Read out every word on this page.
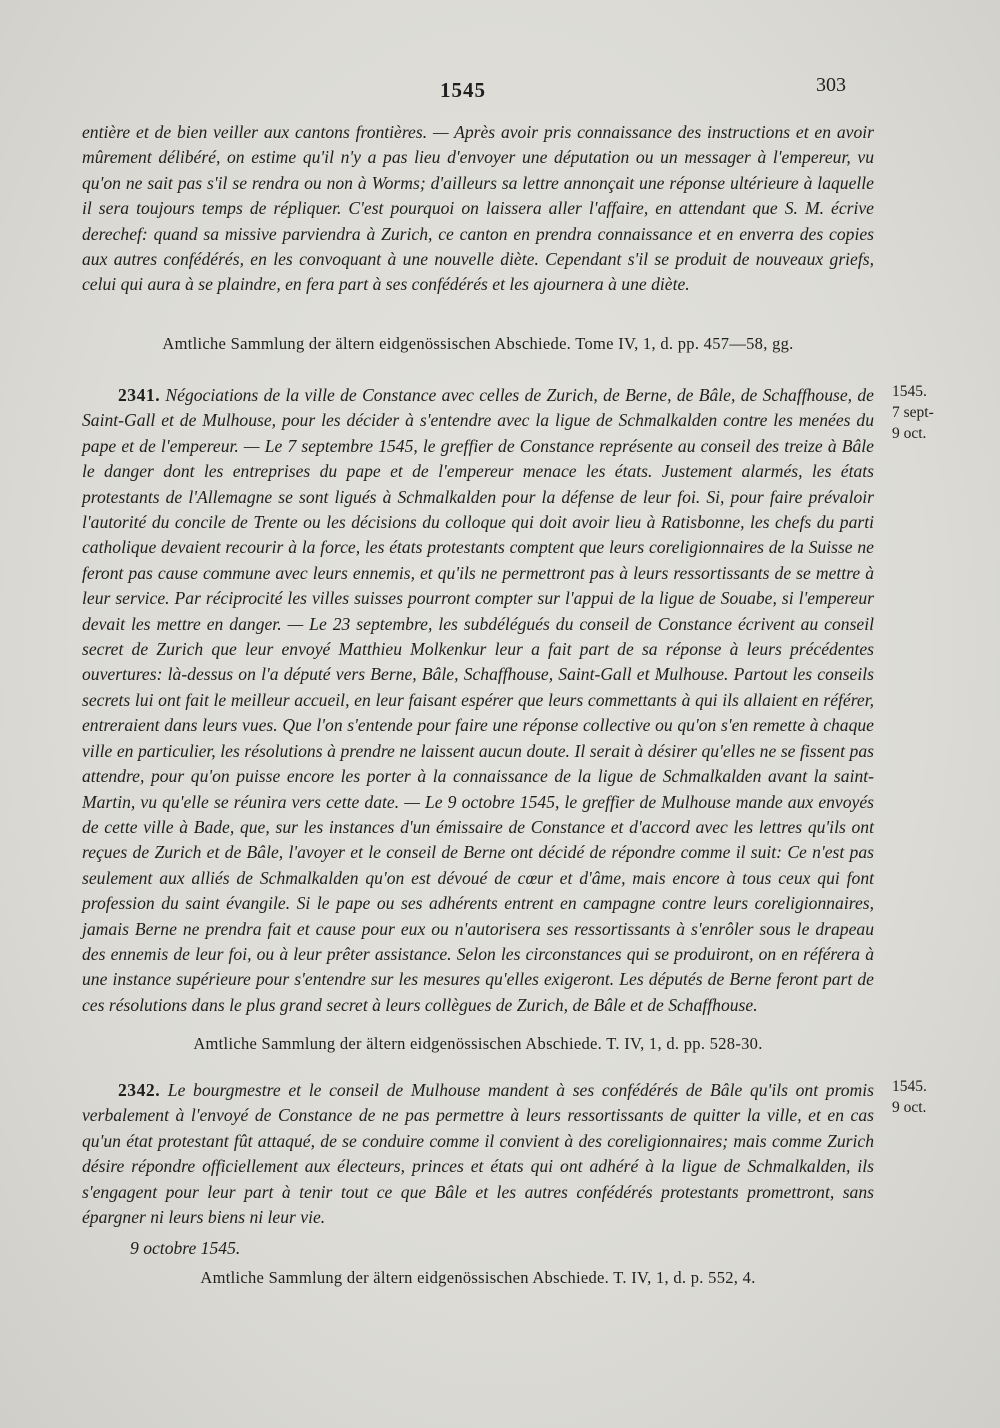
1545	303
entière et de bien veiller aux cantons frontières. — Après avoir pris connaissance des instructions et en avoir mûrement délibéré, on estime qu'il n'y a pas lieu d'envoyer une députation ou un messager à l'empereur, vu qu'on ne sait pas s'il se rendra ou non à Worms; d'ailleurs sa lettre annonçait une réponse ultérieure à laquelle il sera toujours temps de répliquer. C'est pourquoi on laissera aller l'affaire, en attendant que S. M. écrive derechef: quand sa missive parviendra à Zurich, ce canton en prendra connaissance et en enverra des copies aux autres confédérés, en les convoquant à une nouvelle diète. Cependant s'il se produit de nouveaux griefs, celui qui aura à se plaindre, en fera part à ses confédérés et les ajournera à une diète.
Amtliche Sammlung der ältern eidgenössischen Abschiede. Tome IV, 1, d. pp. 457—58, gg.
2341. Négociations de la ville de Constance avec celles de Zurich, de Berne, de Bâle, de Schaffhouse, de Saint-Gall et de Mulhouse, pour les décider à s'entendre avec la ligue de Schmalkalden contre les menées du pape et de l'empereur. — Le 7 septembre 1545, le greffier de Constance représente au conseil des treize à Bâle le danger dont les entreprises du pape et de l'empereur menace les états. Justement alarmés, les états protestants de l'Allemagne se sont ligués à Schmalkalden pour la défense de leur foi. Si, pour faire prévaloir l'autorité du concile de Trente ou les décisions du colloque qui doit avoir lieu à Ratisbonne, les chefs du parti catholique devaient recourir à la force, les états protestants comptent que leurs coreligionnaires de la Suisse ne feront pas cause commune avec leurs ennemis, et qu'ils ne permettront pas à leurs ressortissants de se mettre à leur service. Par réciprocité les villes suisses pourront compter sur l'appui de la ligue de Souabe, si l'empereur devait les mettre en danger. — Le 23 septembre, les subdélégués du conseil de Constance écrivent au conseil secret de Zurich que leur envoyé Matthieu Molkenkur leur a fait part de sa réponse à leurs précédentes ouvertures: là-dessus on l'a député vers Berne, Bâle, Schaffhouse, Saint-Gall et Mulhouse. Partout les conseils secrets lui ont fait le meilleur accueil, en leur faisant espérer que leurs commettants à qui ils allaient en référer, entreraient dans leurs vues. Que l'on s'entende pour faire une réponse collective ou qu'on s'en remette à chaque ville en particulier, les résolutions à prendre ne laissent aucun doute. Il serait à désirer qu'elles ne se fissent pas attendre, pour qu'on puisse encore les porter à la connaissance de la ligue de Schmalkalden avant la saint-Martin, vu qu'elle se réunira vers cette date. — Le 9 octobre 1545, le greffier de Mulhouse mande aux envoyés de cette ville à Bade, que, sur les instances d'un émissaire de Constance et d'accord avec les lettres qu'ils ont reçues de Zurich et de Bâle, l'avoyer et le conseil de Berne ont décidé de répondre comme il suit: Ce n'est pas seulement aux alliés de Schmalkalden qu'on est dévoué de cœur et d'âme, mais encore à tous ceux qui font profession du saint évangile. Si le pape ou ses adhérents entrent en campagne contre leurs coreligionnaires, jamais Berne ne prendra fait et cause pour eux ou n'autorisera ses ressortissants à s'enrôler sous le drapeau des ennemis de leur foi, ou à leur prêter assistance. Selon les circonstances qui se produiront, on en référera à une instance supérieure pour s'entendre sur les mesures qu'elles exigeront. Les députés de Berne feront part de ces résolutions dans le plus grand secret à leurs collègues de Zurich, de Bâle et de Schaffhouse.
1545.
7 sept-
9 oct.
Amtliche Sammlung der ältern eidgenössischen Abschiede. T. IV, 1, d. pp. 528-30.
2342. Le bourgmestre et le conseil de Mulhouse mandent à ses confédérés de Bâle qu'ils ont promis verbalement à l'envoyé de Constance de ne pas permettre à leurs ressortissants de quitter la ville, et en cas qu'un état protestant fût attaqué, de se conduire comme il convient à des coreligionnaires; mais comme Zurich désire répondre officiellement aux électeurs, princes et états qui ont adhéré à la ligue de Schmalkalden, ils s'engagent pour leur part à tenir tout ce que Bâle et les autres confédérés protestants promettront, sans épargner ni leurs biens ni leur vie.
1545.
9 oct.
9 octobre 1545.
Amtliche Sammlung der ältern eidgenössischen Abschiede. T. IV, 1, d. p. 552, 4.
